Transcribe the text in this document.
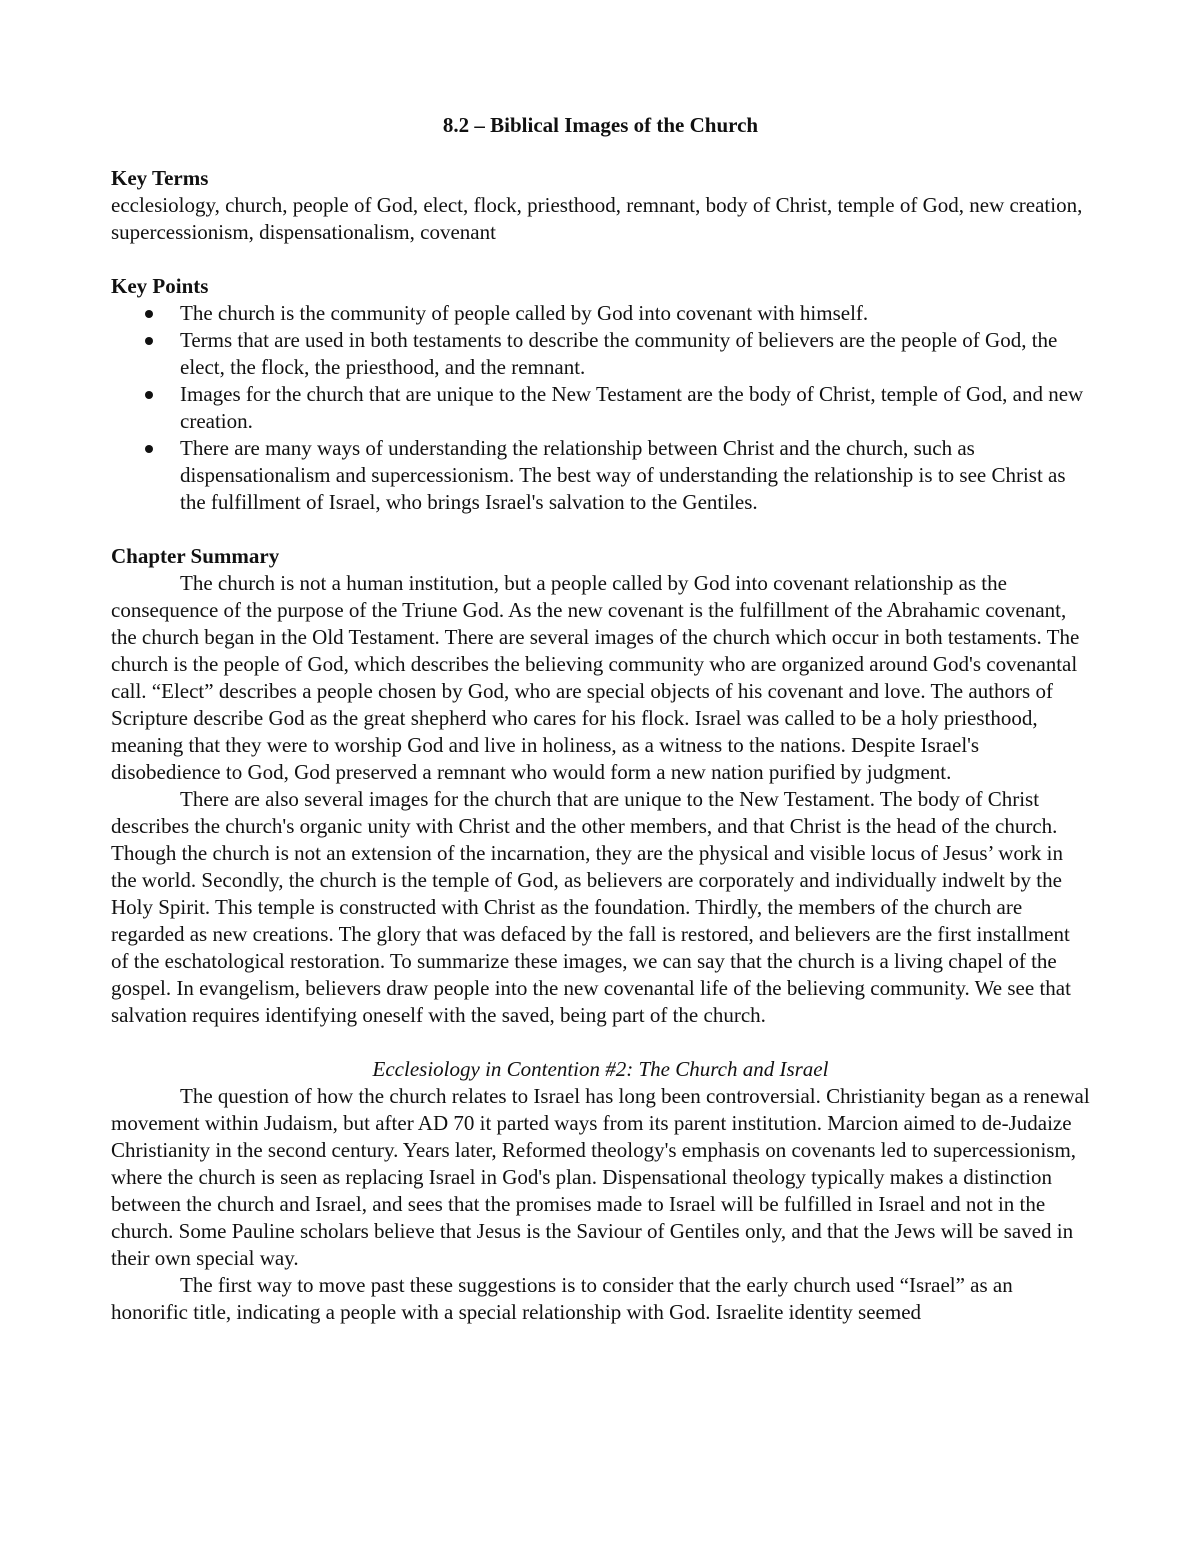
8.2 – Biblical Images of the Church

Key Terms

ecclesiology, church, people of God, elect, flock, priesthood, remnant, body of Christ, temple of God, new creation, supercessionism, dispensationalism, covenant

Key Points

The church is the community of people called by God into covenant with himself.
Terms that are used in both testaments to describe the community of believers are the people of God, the elect, the flock, the priesthood, and the remnant.
Images for the church that are unique to the New Testament are the body of Christ, temple of God, and new creation.
There are many ways of understanding the relationship between Christ and the church, such as dispensationalism and supercessionism. The best way of understanding the relationship is to see Christ as the fulfillment of Israel, who brings Israel's salvation to the Gentiles.

Chapter Summary

The church is not a human institution, but a people called by God into covenant relationship as the consequence of the purpose of the Triune God. As the new covenant is the fulfillment of the Abrahamic covenant, the church began in the Old Testament. There are several images of the church which occur in both testaments. The church is the people of God, which describes the believing community who are organized around God's covenantal call. “Elect” describes a people chosen by God, who are special objects of his covenant and love. The authors of Scripture describe God as the great shepherd who cares for his flock. Israel was called to be a holy priesthood, meaning that they were to worship God and live in holiness, as a witness to the nations. Despite Israel's disobedience to God, God preserved a remnant who would form a new nation purified by judgment.

There are also several images for the church that are unique to the New Testament. The body of Christ describes the church's organic unity with Christ and the other members, and that Christ is the head of the church. Though the church is not an extension of the incarnation, they are the physical and visible locus of Jesus’ work in the world. Secondly, the church is the temple of God, as believers are corporately and individually indwelt by the Holy Spirit. This temple is constructed with Christ as the foundation. Thirdly, the members of the church are regarded as new creations. The glory that was defaced by the fall is restored, and believers are the first installment of the eschatological restoration. To summarize these images, we can say that the church is a living chapel of the gospel. In evangelism, believers draw people into the new covenantal life of the believing community. We see that salvation requires identifying oneself with the saved, being part of the church.

Ecclesiology in Contention #2: The Church and Israel

The question of how the church relates to Israel has long been controversial. Christianity began as a renewal movement within Judaism, but after AD 70 it parted ways from its parent institution. Marcion aimed to de-Judaize Christianity in the second century. Years later, Reformed theology's emphasis on covenants led to supercessionism, where the church is seen as replacing Israel in God's plan. Dispensational theology typically makes a distinction between the church and Israel, and sees that the promises made to Israel will be fulfilled in Israel and not in the church. Some Pauline scholars believe that Jesus is the Saviour of Gentiles only, and that the Jews will be saved in their own special way.

The first way to move past these suggestions is to consider that the early church used “Israel” as an honorific title, indicating a people with a special relationship with God. Israelite identity seemed
